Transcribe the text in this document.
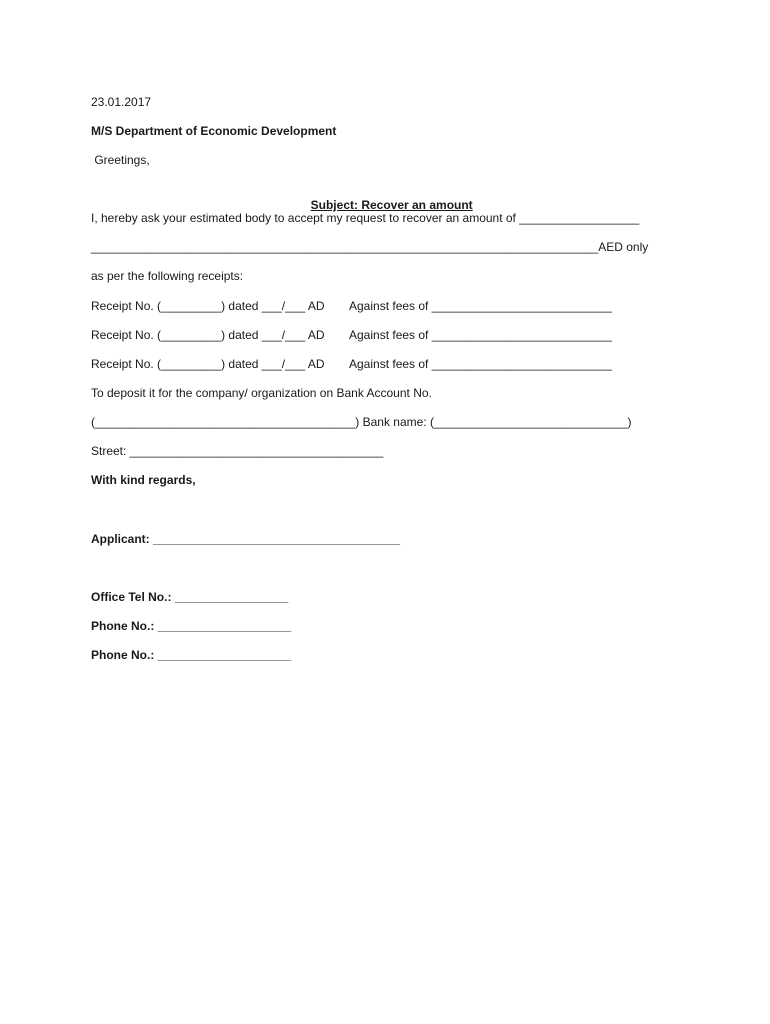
23.01.2017
M/S Department of Economic Development
Greetings,

Subject: Recover an amount

I, hereby ask your estimated body to accept my request to recover an amount of __________________
____________________________________________________________________________AED only
as per the following receipts:
Receipt No. (_________) dated ___/___ AD Against fees of ___________________________
Receipt No. (_________) dated ___/___ AD Against fees of ___________________________
Receipt No. (_________) dated ___/___ AD Against fees of ___________________________
To deposit it for the company/ organization on Bank Account No.
(_______________________________________) Bank name: (_____________________________)
Street: ______________________________________
With kind regards,
Applicant: _____________________________________
Office Tel No.: _________________
Phone No.: ____________________
Phone No.: ____________________
